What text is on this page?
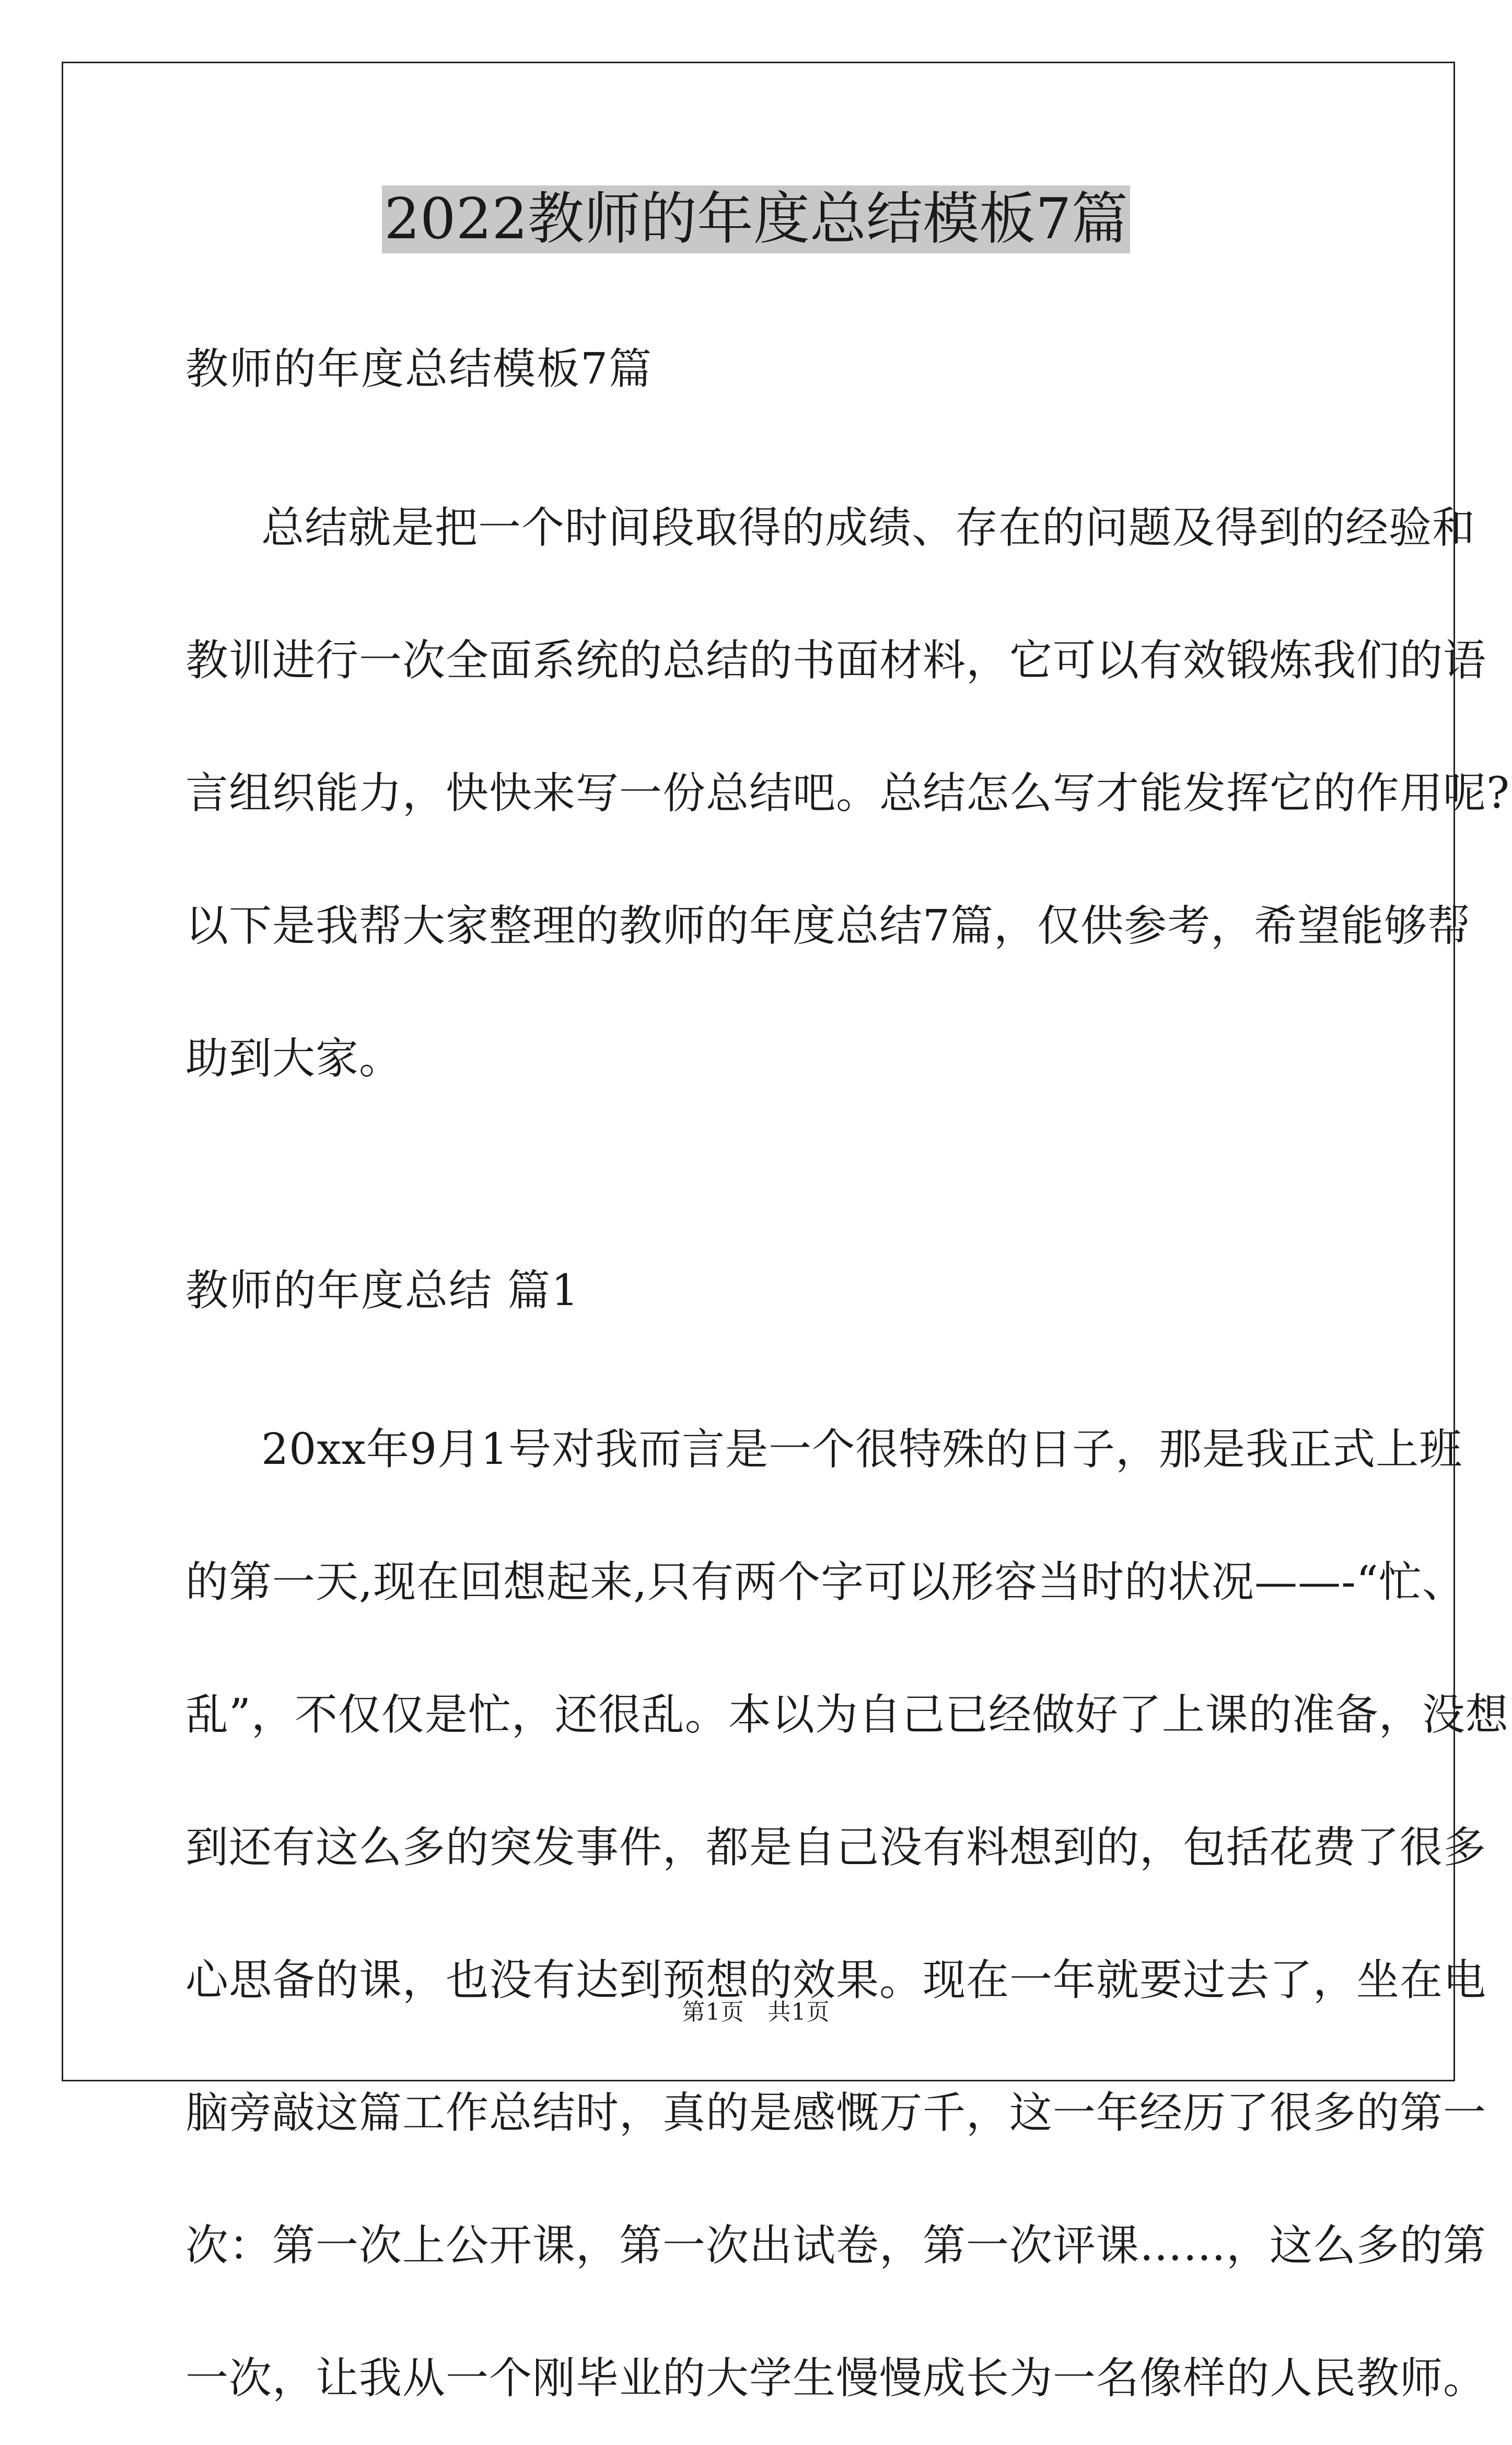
2022教师的年度总结模板7篇
教师的年度总结模板7篇
总结就是把一个时间段取得的成绩、存在的问题及得到的经验和
教训进行一次全面系统的总结的书面材料，它可以有效锻炼我们的语
言组织能力，快快来写一份总结吧。总结怎么写才能发挥它的作用呢?
以下是我帮大家整理的教师的年度总结7篇，仅供参考，希望能够帮
助到大家。
教师的年度总结 篇1
20xx年9月1号对我而言是一个很特殊的日子，那是我正式上班
的第一天,现在回想起来,只有两个字可以形容当时的状况——-“忙、
乱”，不仅仅是忙，还很乱。本以为自己已经做好了上课的准备，没想
到还有这么多的突发事件，都是自己没有料想到的，包括花费了很多
心思备的课，也没有达到预想的效果。现在一年就要过去了，坐在电
脑旁敲这篇工作总结时，真的是感慨万千，这一年经历了很多的第一
次：第一次上公开课，第一次出试卷，第一次评课……，这么多的第
一次，让我从一个刚毕业的大学生慢慢成长为一名像样的人民教师。
第1页　共1页
